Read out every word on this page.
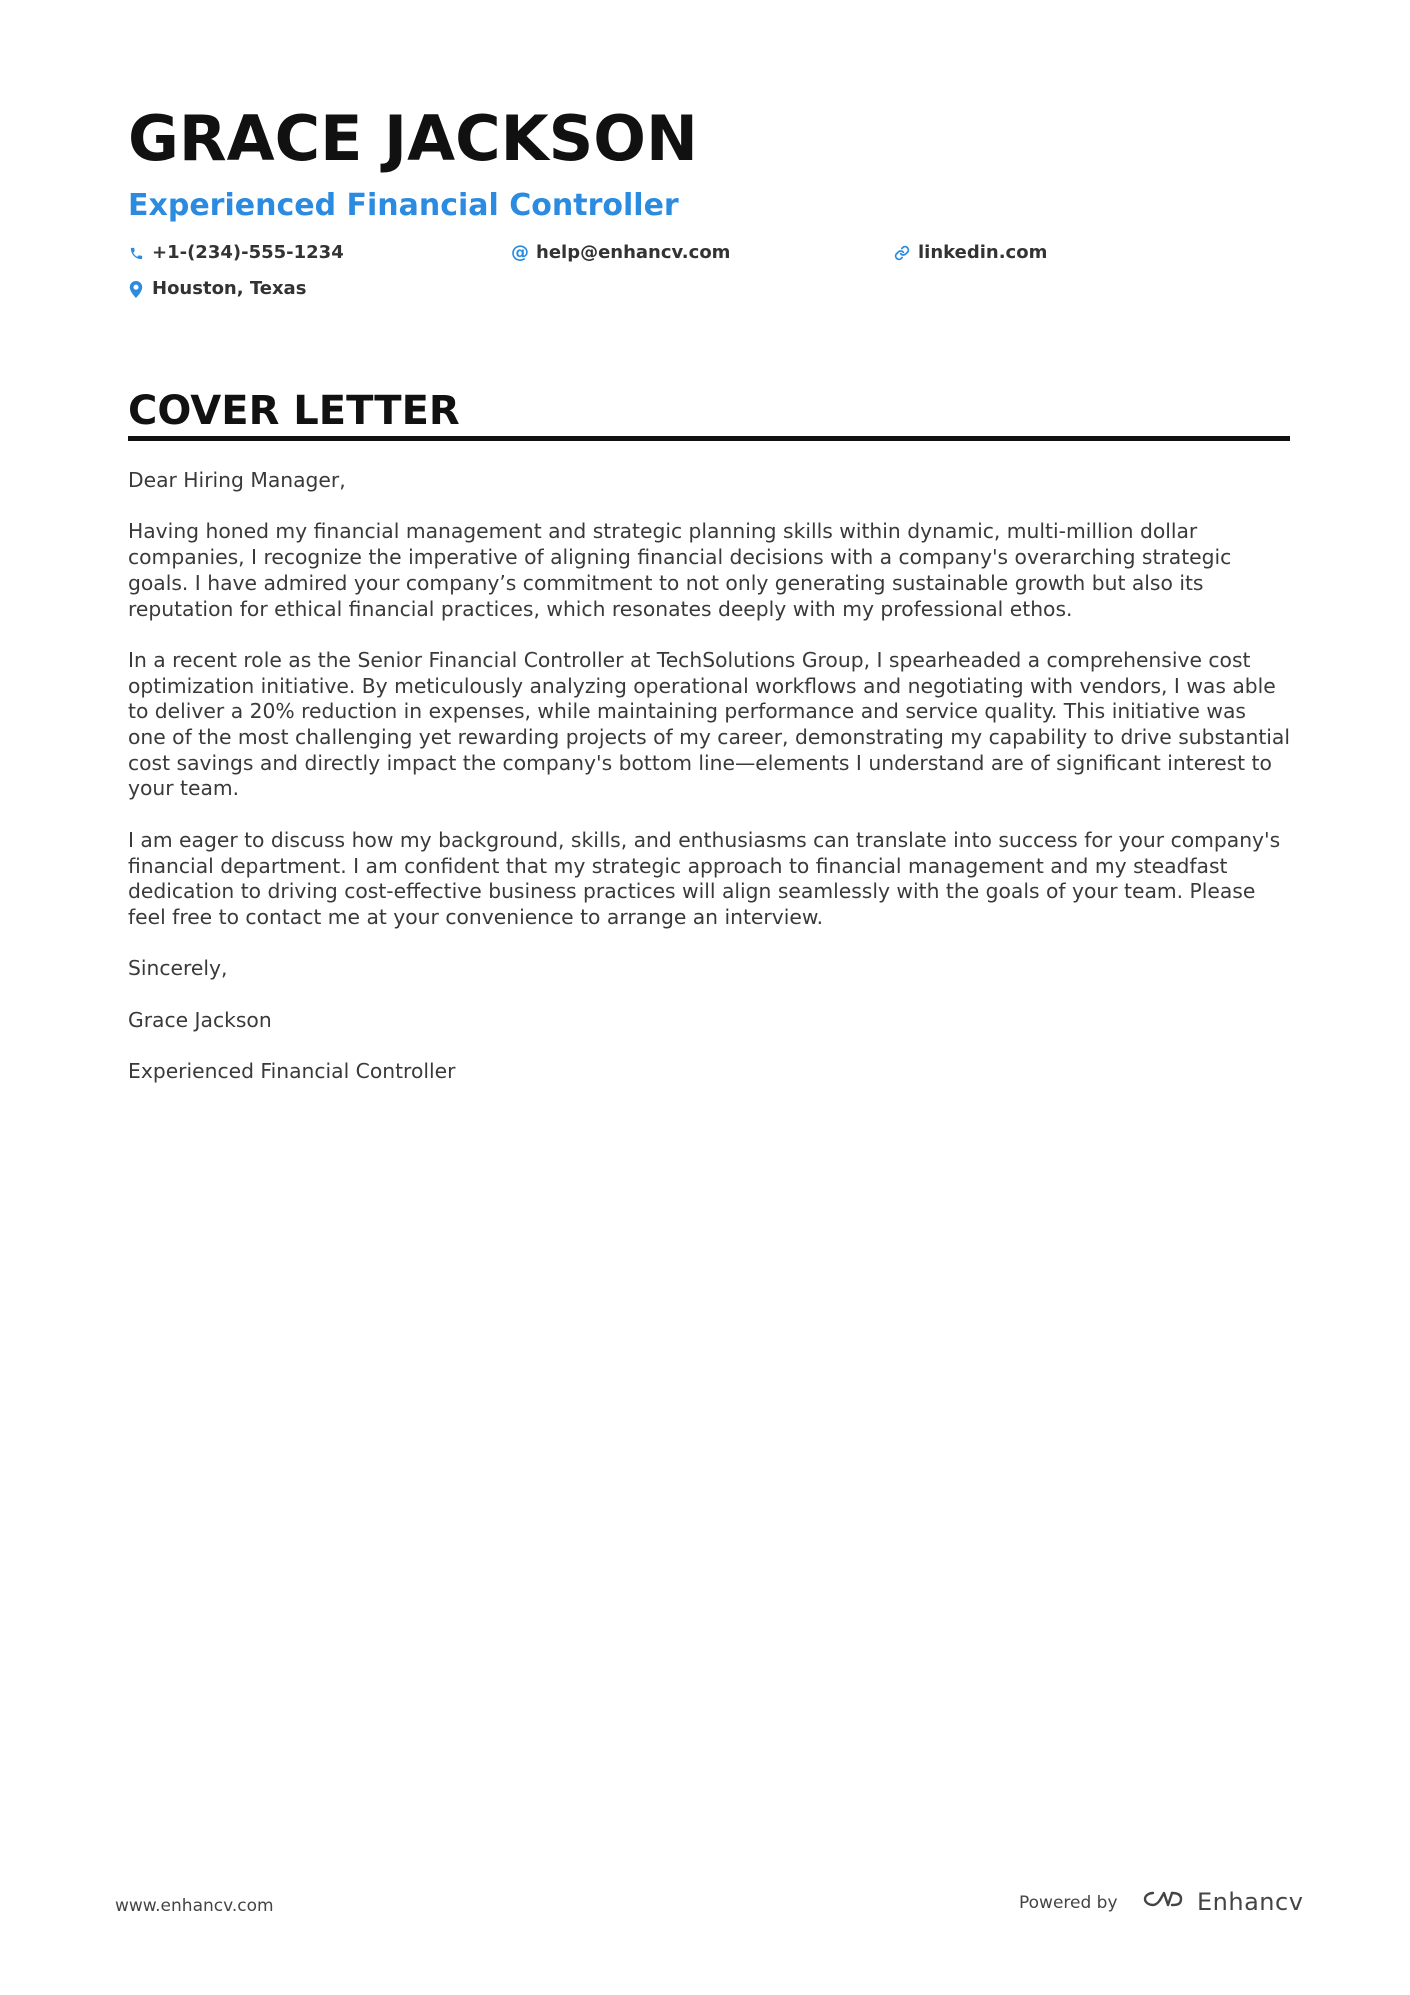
GRACE JACKSON
Experienced Financial Controller
+1-(234)-555-1234	@ help@enhancv.com	linkedin.com
Houston, Texas
COVER LETTER

Dear Hiring Manager,

Having honed my financial management and strategic planning skills within dynamic, multi-million dollar companies, I recognize the imperative of aligning financial decisions with a company's overarching strategic goals. I have admired your company’s commitment to not only generating sustainable growth but also its reputation for ethical financial practices, which resonates deeply with my professional ethos.

In a recent role as the Senior Financial Controller at TechSolutions Group, I spearheaded a comprehensive cost optimization initiative. By meticulously analyzing operational workflows and negotiating with vendors, I was able to deliver a 20% reduction in expenses, while maintaining performance and service quality. This initiative was one of the most challenging yet rewarding projects of my career, demonstrating my capability to drive substantial cost savings and directly impact the company's bottom line—elements I understand are of significant interest to your team.

I am eager to discuss how my background, skills, and enthusiasms can translate into success for your company's financial department. I am confident that my strategic approach to financial management and my steadfast dedication to driving cost-effective business practices will align seamlessly with the goals of your team. Please feel free to contact me at your convenience to arrange an interview.

Sincerely,

Grace Jackson

Experienced Financial Controller

www.enhancv.com	Powered by	Enhancv
